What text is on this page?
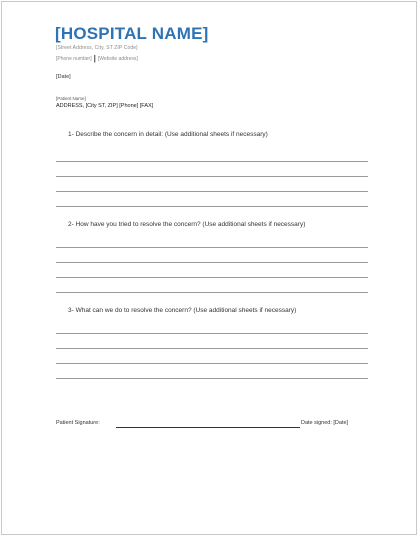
[HOSPITAL NAME]
[Street Address, City, ST ZIP Code]
[Phone number] | [Website address]
[Date]
[Patient Name]
ADDRESS, [City ST, ZIP] [Phone] [FAX]
1- Describe the concern in detail: (Use additional sheets if necessary)
2- How have you tried to resolve the concern? (Use additional sheets if necessary)
3- What can we do to resolve the concern? (Use additional sheets if necessary)
Patient Signature:	Date signed: [Date]
